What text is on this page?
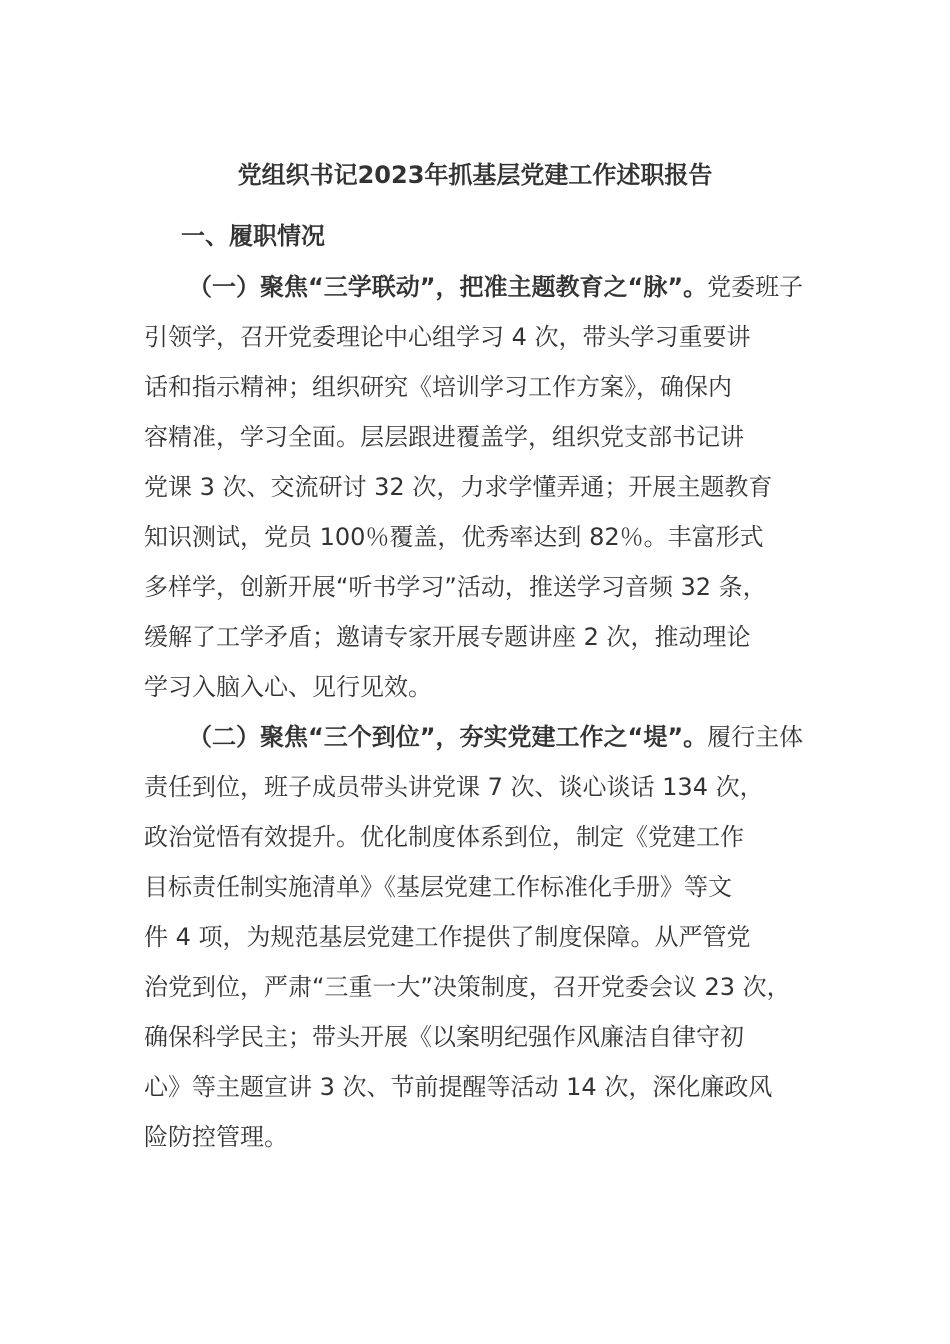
党组织书记2023年抓基层党建工作述职报告
一、履职情况
（一）聚焦“三学联动”，把准主题教育之“脉”。党委班子
引领学，召开党委理论中心组学习 4 次，带头学习重要讲
话和指示精神；组织研究《培训学习工作方案》，确保内
容精准，学习全面。层层跟进覆盖学，组织党支部书记讲
党课 3 次、交流研讨 32 次，力求学懂弄通；开展主题教育
知识测试，党员 100％覆盖，优秀率达到 82％。丰富形式
多样学，创新开展“听书学习”活动，推送学习音频 32 条，
缓解了工学矛盾；邀请专家开展专题讲座 2 次，推动理论
学习入脑入心、见行见效。
（二）聚焦“三个到位”，夯实党建工作之“堤”。履行主体
责任到位，班子成员带头讲党课 7 次、谈心谈话 134 次，
政治觉悟有效提升。优化制度体系到位，制定《党建工作
目标责任制实施清单》《基层党建工作标准化手册》等文
件 4 项，为规范基层党建工作提供了制度保障。从严管党
治党到位，严肃“三重一大”决策制度，召开党委会议 23 次，
确保科学民主；带头开展《以案明纪强作风廉洁自律守初
心》等主题宣讲 3 次、节前提醒等活动 14 次，深化廉政风
险防控管理。
